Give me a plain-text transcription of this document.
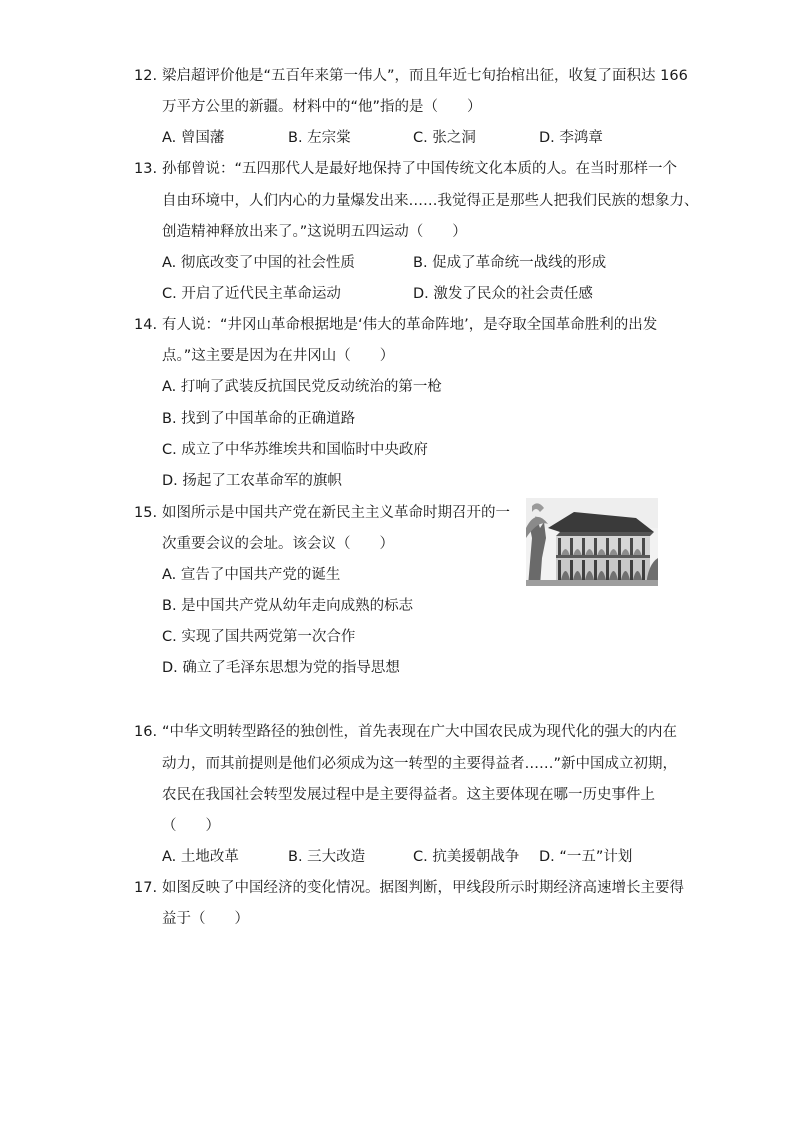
12. 梁启超评价他是“五百年来第一伟人”，而且年近七旬抬棺出征，收复了面积达 166
万平方公里的新疆。材料中的“他”指的是（　　）
A. 曾国藩	B. 左宗棠	C. 张之洞	D. 李鸿章
13. 孙郁曾说：“五四那代人是最好地保持了中国传统文化本质的人。在当时那样一个
自由环境中，人们内心的力量爆发出来……我觉得正是那些人把我们民族的想象力、
创造精神释放出来了。”这说明五四运动（　　）
A. 彻底改变了中国的社会性质	B. 促成了革命统一战线的形成
C. 开启了近代民主革命运动	D. 激发了民众的社会责任感
14. 有人说：“井冈山革命根据地是‘伟大的革命阵地’，是夺取全国革命胜利的出发
点。”这主要是因为在井冈山（　　）
A. 打响了武装反抗国民党反动统治的第一枪
B. 找到了中国革命的正确道路
C. 成立了中华苏维埃共和国临时中央政府
D. 扬起了工农革命军的旗帜
15. 如图所示是中国共产党在新民主主义革命时期召开的一
次重要会议的会址。该会议（　　）
A. 宣告了中国共产党的诞生
B. 是中国共产党从幼年走向成熟的标志
C. 实现了国共两党第一次合作
D. 确立了毛泽东思想为党的指导思想
16. “中华文明转型路径的独创性，首先表现在广大中国农民成为现代化的强大的内在
动力，而其前提则是他们必须成为这一转型的主要得益者……”新中国成立初期，
农民在我国社会转型发展过程中是主要得益者。这主要体现在哪一历史事件上
（　　）
A. 土地改革	B. 三大改造	C. 抗美援朝战争 D. “一五”计划
17. 如图反映了中国经济的变化情况。据图判断，甲线段所示时期经济高速增长主要得
益于（　　）
